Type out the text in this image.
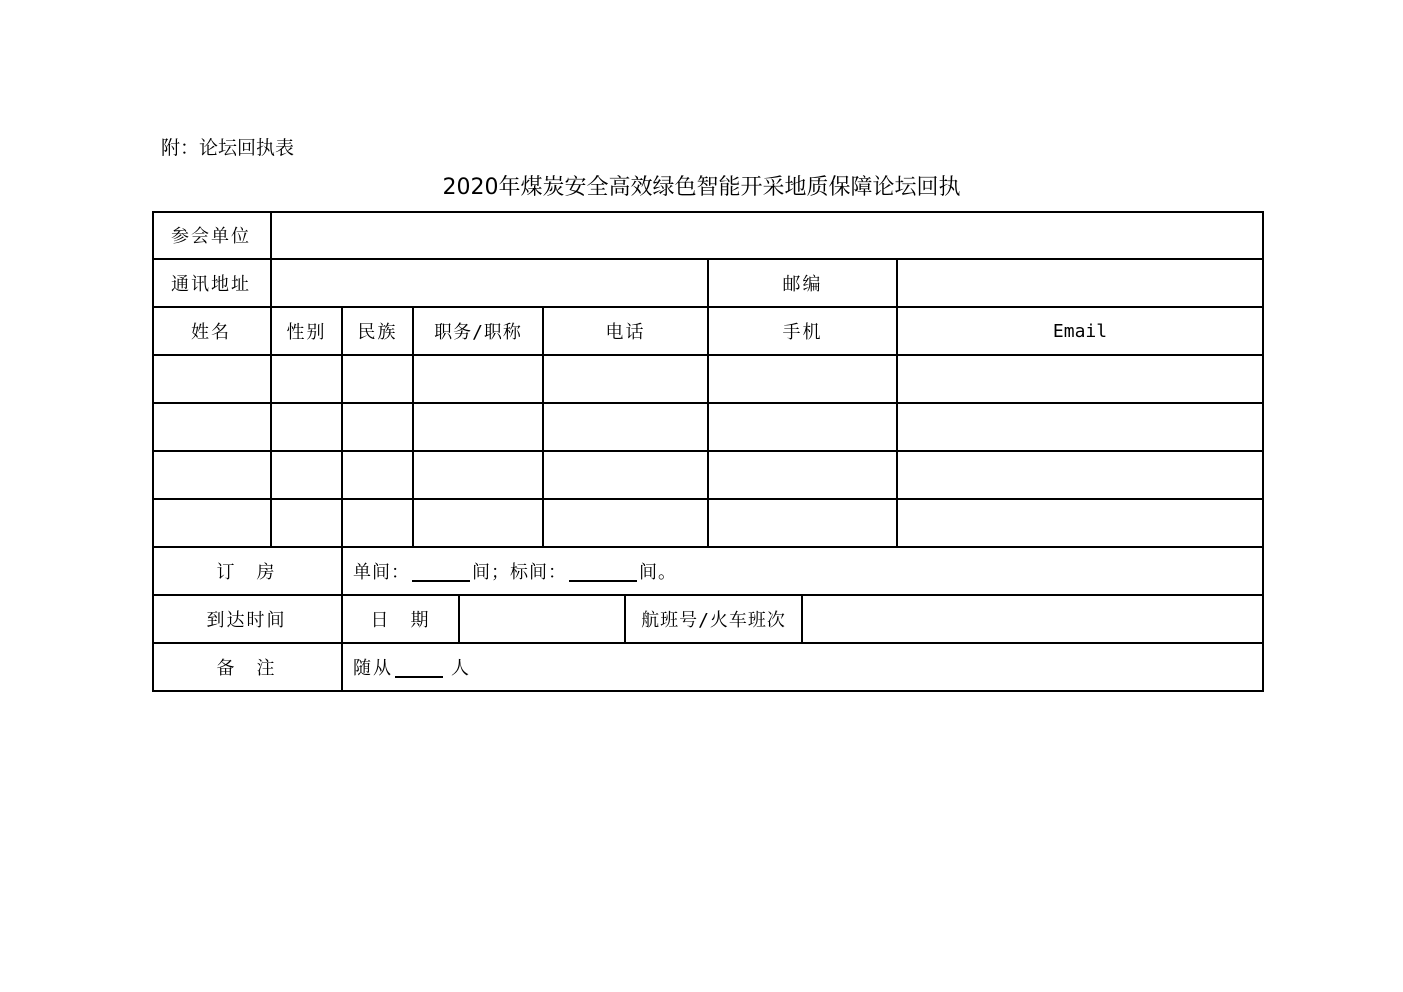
附：论坛回执表
2020年煤炭安全高效绿色智能开采地质保障论坛回执
参会单位
通讯地址	邮编
姓名	性别	民族	职务/职称	电话	手机	Email
订　房	单间：	间；标间：	间。
到达时间	日　期	航班号/火车班次
备　注	随从	人
